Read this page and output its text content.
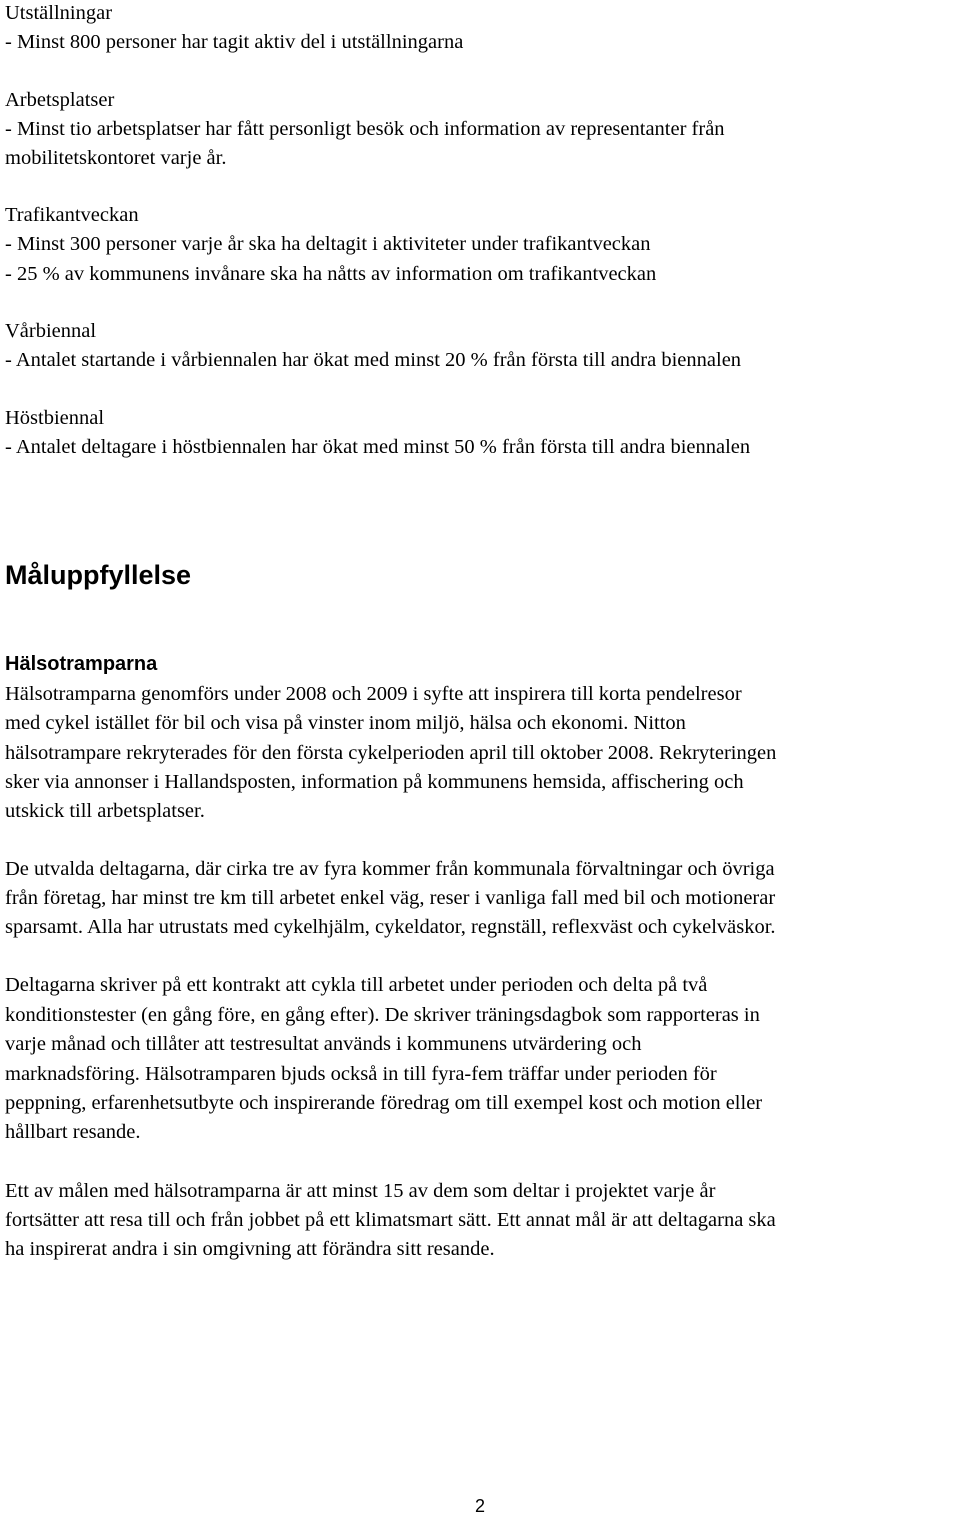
Utställningar

- Minst 800 personer har tagit aktiv del i utställningarna

Arbetsplatser

- Minst tio arbetsplatser har fått personligt besök och information av representanter från

mobilitetskontoret varje år.

Trafikantveckan

- Minst 300 personer varje år ska ha deltagit i aktiviteter under trafikantveckan

- 25 % av kommunens invånare ska ha nåtts av information om trafikantveckan

Vårbiennal

- Antalet startande i vårbiennalen har ökat med minst 20 % från första till andra biennalen

Höstbiennal

- Antalet deltagare i höstbiennalen har ökat med minst 50 % från första till andra biennalen

Måluppfyllelse
Hälsotramparna

Hälsotramparna genomförs under 2008 och 2009 i syfte att inspirera till korta pendelresor

med cykel istället för bil och visa på vinster inom miljö, hälsa och ekonomi. Nitton

hälsotrampare rekryterades för den första cykelperioden april till oktober 2008. Rekryteringen

sker via annonser i Hallandsposten, information på kommunens hemsida, affischering och

utskick till arbetsplatser.

De utvalda deltagarna, där cirka tre av fyra kommer från kommunala förvaltningar och övriga

från företag, har minst tre km till arbetet enkel väg, reser i vanliga fall med bil och motionerar

sparsamt. Alla har utrustats med cykelhjälm, cykeldator, regnställ, reflexväst och cykelväskor.

Deltagarna skriver på ett kontrakt att cykla till arbetet under perioden och delta på två

konditionstester (en gång före, en gång efter). De skriver träningsdagbok som rapporteras in

varje månad och tillåter att testresultat används i kommunens utvärdering och

marknadsföring. Hälsotramparen bjuds också in till fyra-fem träffar under perioden för

peppning, erfarenhetsutbyte och inspirerande föredrag om till exempel kost och motion eller

hållbart resande.

Ett av målen med hälsotramparna är att minst 15 av dem som deltar i projektet varje år

fortsätter att resa till och från jobbet på ett klimatsmart sätt. Ett annat mål är att deltagarna ska

ha inspirerat andra i sin omgivning att förändra sitt resande.

2
